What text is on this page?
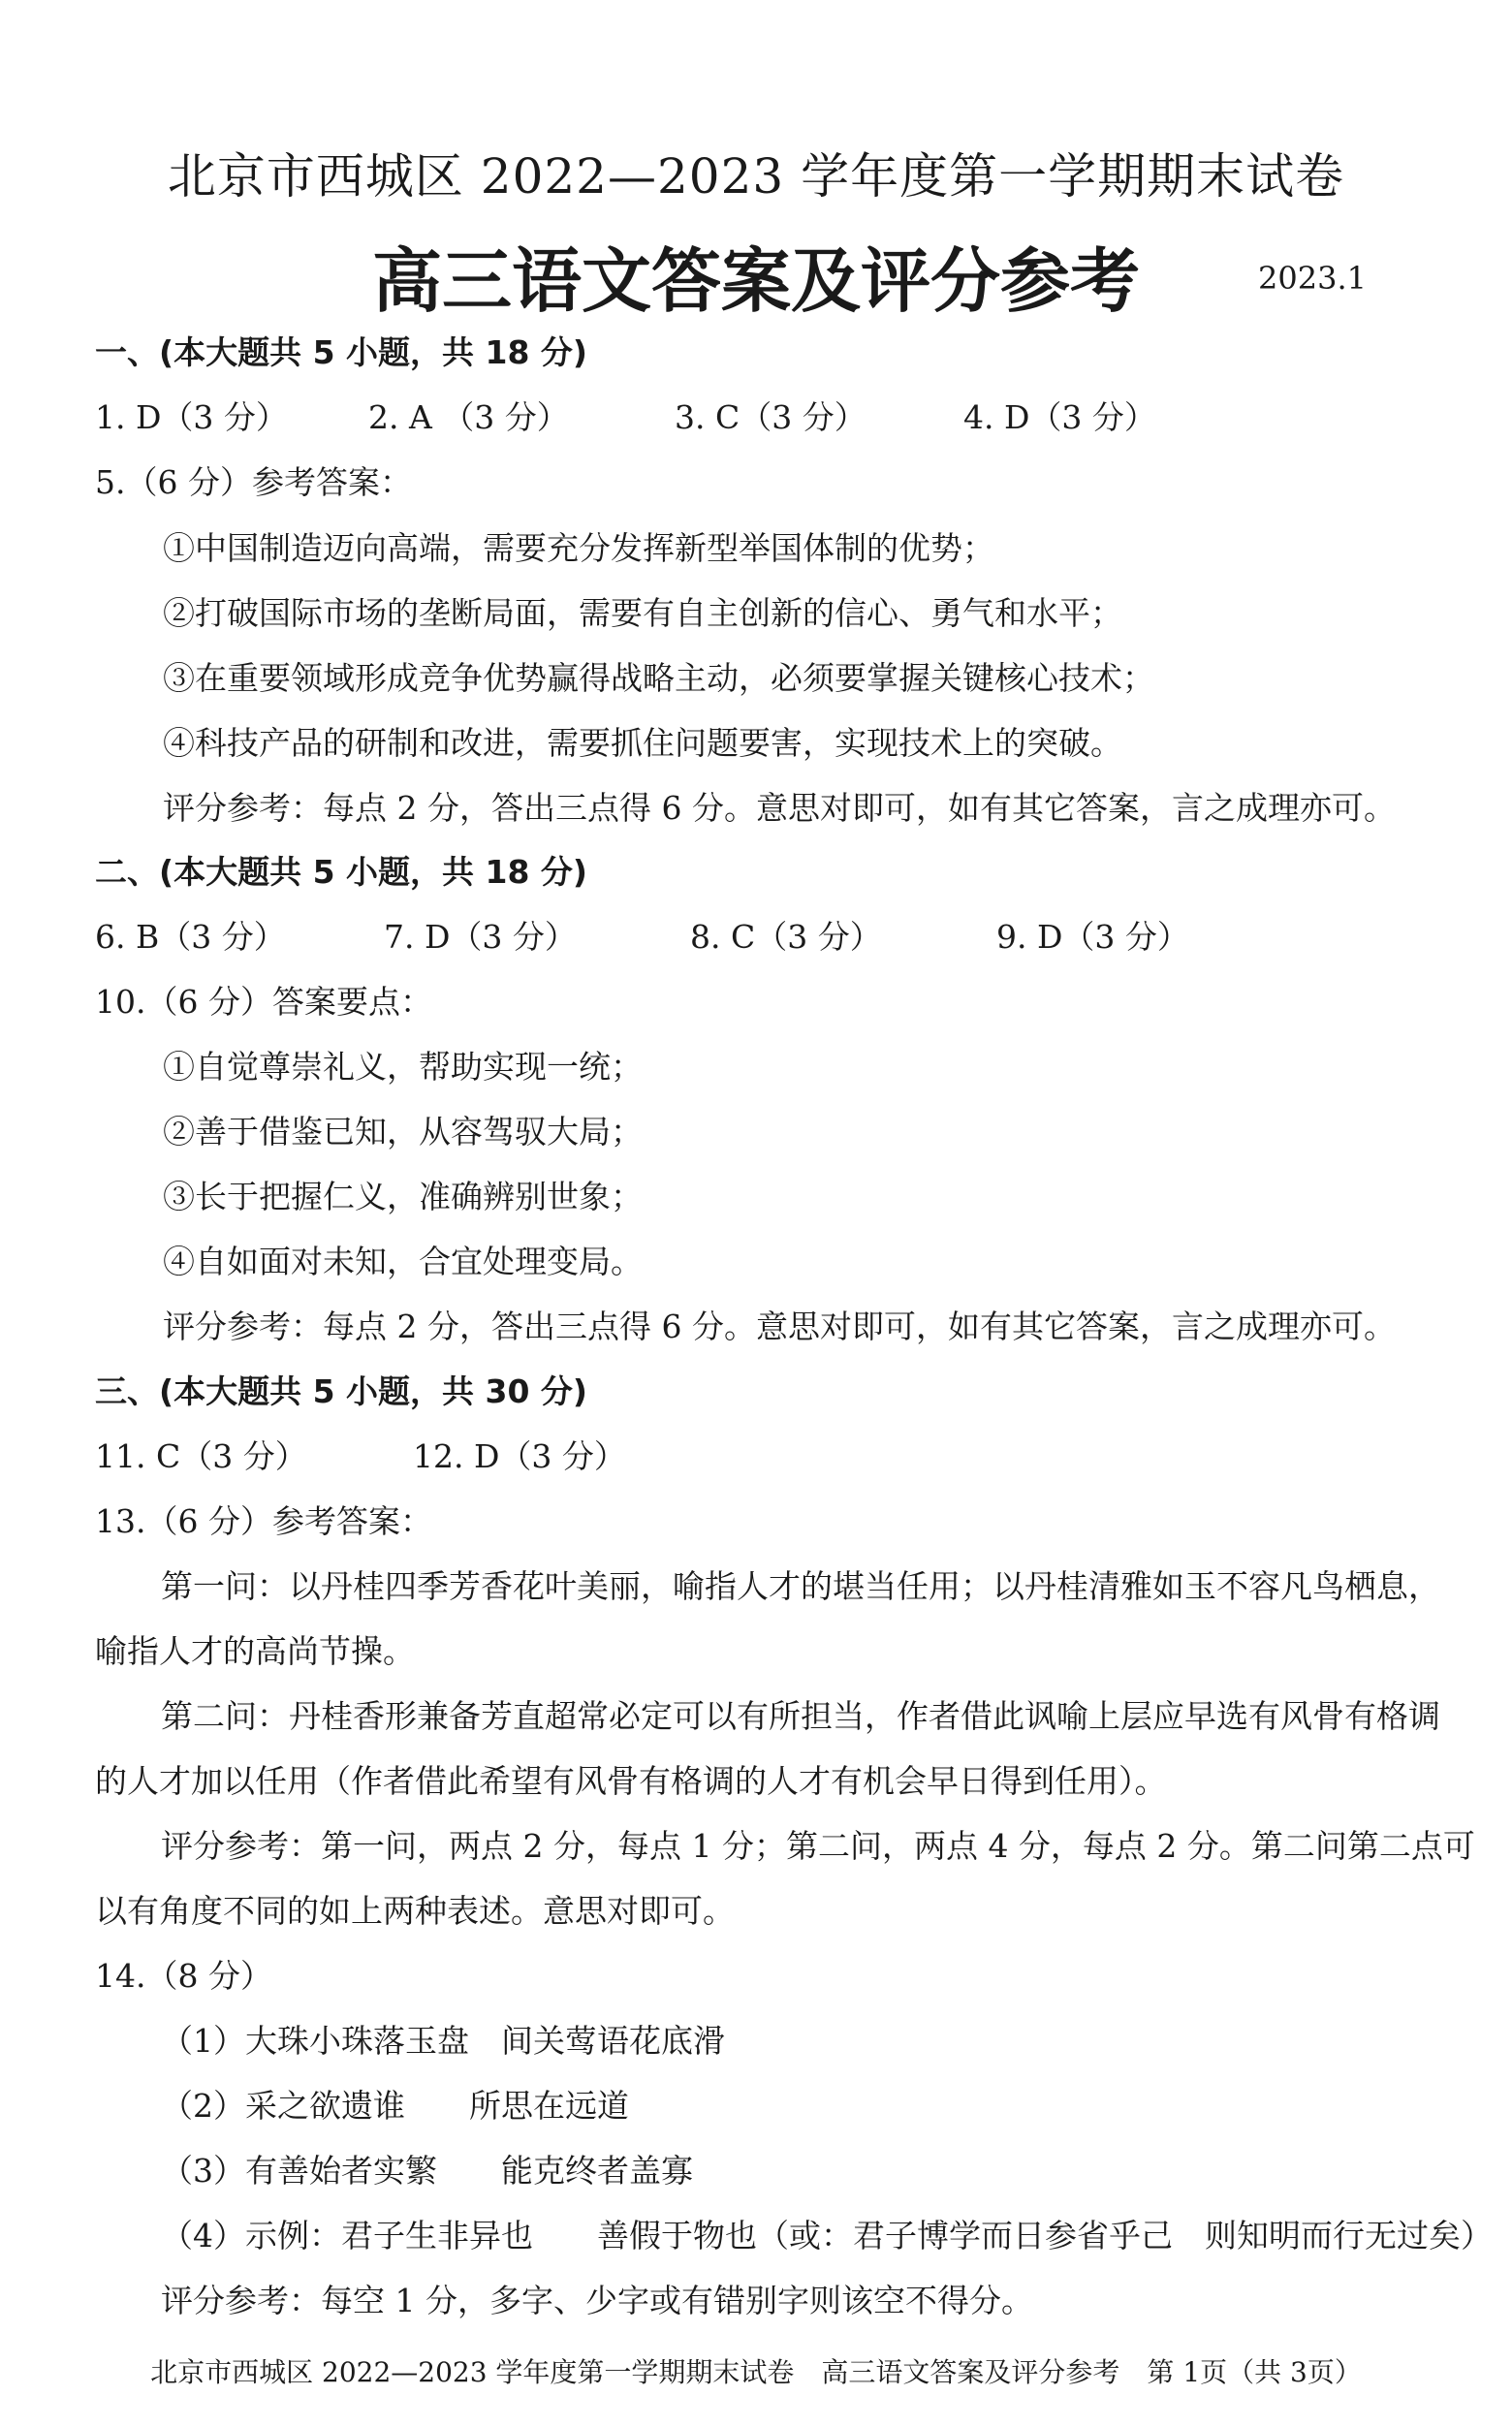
北京市西城区 2022—2023 学年度第一学期期末试卷
高三语文答案及评分参考	2023.1
一、(本大题共 5 小题，共 18 分)
1. D（3 分）	2. A （3 分）	3. C（3 分）	4. D（3 分）
5.（6 分）参考答案：
①中国制造迈向高端，需要充分发挥新型举国体制的优势；
②打破国际市场的垄断局面，需要有自主创新的信心、勇气和水平；
③在重要领域形成竞争优势赢得战略主动，必须要掌握关键核心技术；
④科技产品的研制和改进，需要抓住问题要害，实现技术上的突破。
评分参考：每点 2 分，答出三点得 6 分。意思对即可，如有其它答案，言之成理亦可。
二、(本大题共 5 小题，共 18 分)
6. B（3 分）	7. D（3 分）	8. C（3 分）	9. D（3 分）
10.（6 分）答案要点：
①自觉尊崇礼义，帮助实现一统；
②善于借鉴已知，从容驾驭大局；
③长于把握仁义，准确辨别世象；
④自如面对未知，合宜处理变局。
评分参考：每点 2 分，答出三点得 6 分。意思对即可，如有其它答案，言之成理亦可。
三、(本大题共 5 小题，共 30 分)
11. C（3 分）	12. D（3 分）
13.（6 分）参考答案：
第一问：以丹桂四季芳香花叶美丽，喻指人才的堪当任用；以丹桂清雅如玉不容凡鸟栖息，
喻指人才的高尚节操。
第二问：丹桂香形兼备芳直超常必定可以有所担当，作者借此讽喻上层应早选有风骨有格调
的人才加以任用（作者借此希望有风骨有格调的人才有机会早日得到任用）。
评分参考：第一问，两点 2 分，每点 1 分；第二问，两点 4 分，每点 2 分。第二问第二点可
以有角度不同的如上两种表述。意思对即可。
14.（8 分）
（1）大珠小珠落玉盘　间关莺语花底滑
（2）采之欲遗谁　　所思在远道
（3）有善始者实繁　　能克终者盖寡
（4）示例：君子生非异也　　善假于物也（或：君子博学而日参省乎己　则知明而行无过矣）
评分参考：每空 1 分，多字、少字或有错别字则该空不得分。
北京市西城区 2022—2023 学年度第一学期期末试卷　高三语文答案及评分参考　第 1页（共 3页）
